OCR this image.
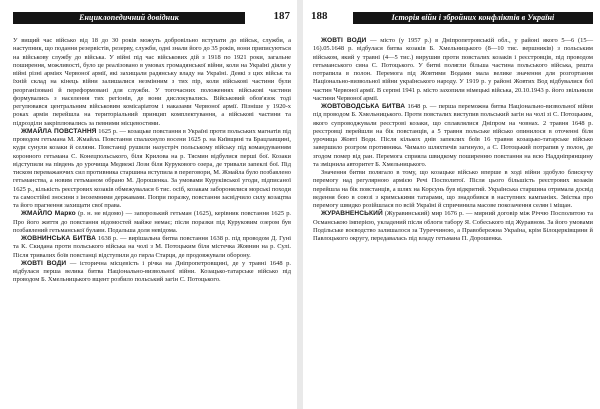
Енциклопедичний довідник	187

У вищий час військо від 18 до 30 років можуть добровільно вступати до військ, служби, а наступник, що подання резервістів, резерву, служби, одні знали його до 35 років, вони приписуються на військову службу до війська. У війні під час військових дій з 1918 по 1921 роки, загальне поширення, можливості, було це реалізовано в умовах громадянської війни, коли на Україні діяли у війні різні арміях Червоної армії, які захищали радянську владу на Україні. Деякі з цих військ та їхній склад на кінець війни залишалися незмінним з тих пір, коли військові частини були реорганізовані й переформовані для служби. У тогочасних положеннях військові частини формувались з населення тих регіонів, де вони дислокувались. Військовий обов'язок тоді регулювався центральним військовим комісаріатом і наказами Червоної армії. Пізніше у 1920-х роках армія перейшла на територіальний принцип комплектування, а військові частини та підрозділи закріплювались за певними місцевостями.

ЖМАЙЛА ПОВСТАННЯ 1625 р. — козацьке повстання в Україні проти польських магнатів під проводом гетьмана М. Жмайла. Повстання спалахнуло восени 1625 р. на Київщині та Брацлавщині, куди сунули козаки й селяни. Повстанці рушили назустріч польському війську під командуванням коронного гетьмана С. Конецпольського, біля Крилова на р. Тясмин відбулися перші бої. Козаки відступили на південь до урочища Медвежі Лози біля Курукового озера, де тривали запеклі бої. Під тиском переважаючих сил противника старшина вступила в переговори, М. Жмайла було позбавлено гетьманства, а новим гетьманом обрано М. Дорошенка. За умовами Куруківської угоди, підписаної 1625 р., кількість реєстрових козаків обмежувалася 6 тис. осіб, козакам заборонялися морські походи та самостійні зносини з іноземними державами. Попри поразку, повстання засвідчило силу козацтва та його прагнення захищати свої права.

ЖМАЙЛО Марко (р. н. не відомо) — запорозький гетьман (1625), керівник повстання 1625 р. Про його життя до повстання відомостей майже немає; після поразки під Куруковим озером був позбавлений гетьманської булави. Подальша доля невідома.

ЖОВНИНСЬКА БИТВА 1638 р. — вирішальна битва повстання 1638 р. під проводом Д. Гуні та К. Скидана проти польського війська на чолі з М. Потоцьким біля містечка Жовнин на р. Сулі. Після тривалих боїв повстанці відступили до гирла Старця, де продовжували оборону.

ЖОВТІ ВОДИ — історична місцевість і річка на Дніпропетровщині, де у травні 1648 р. відбулася перша велика битва Національно-визвольної війни. Козацько-татарське військо під проводом Б. Хмельницького вщент розбило польський загін С. Потоцького.

188	Історія війн і збройних конфліктів в Україні

ЖОВТІ ВОДИ — місто (у 1957 р.) в Дніпропетровській обл., у районі якого 5—6 (15—16).05.1648 р. відбулася битва козаків Б. Хмельницького (8—10 тис. вершників) з польським військом, який у травні (4—5 тис.) вирушив проти повсталих козаків і реєстровців, під проводом гетьманського сина С. Потоцького. У битві полягли більша частина польського війська, решта потрапила в полон. Перемога під Жовтими Водами мала велике значення для розгортання Національно-визвольної війни українського народу. У 1919 р. у районі Жовтих Вод відбувалися бої частин Червоної армії. В серпні 1941 р. місто захопили німецькі війська, 20.10.1943 р. його звільнили частини Червоної армії.

ЖОВТОВОДСЬКА БИТВА 1648 р. — перша переможна битва Національно-визвольної війни під проводом Б. Хмельницького. Проти повсталих виступив польський загін на чолі зі С. Потоцьким, якого супроводжували реєстрові козаки, що сплавлялися Дніпром на човнах. 2 травня 1648 р. реєстровці перейшли на бік повстанців, а 5 травня польське військо опинилося в оточенні біля урочища Жовті Води. Після кількох днів запеклих боїв 16 травня козацько-татарське військо завершило розгром противника. Чимало шляхтичів загинуло, а С. Потоцький потрапив у полон, де згодом помер від ран. Перемога сприяла швидкому поширенню повстання на всю Наддніпрянщину та зміцнила авторитет Б. Хмельницького.

Значення битви полягало в тому, що козацьке військо вперше в ході війни здобуло блискучу перемогу над регулярною армією Речі Посполитої. Після цього більшість реєстрових козаків перейшла на бік повстанців, а шлях на Корсунь був відкритий. Українська старшина отримала досвід ведення бою в союзі з кримськими татарами, що знадобився в наступних кампаніях. Звістка про перемогу швидко розійшлася по всій Україні й спричинила масове покозачення селян і міщан.

ЖУРАВНЕНСЬКИЙ (Журавинський) мир 1676 р. — мирний договір між Річчю Посполитою та Османською імперією, укладений після облоги табору Я. Собеського під Журавном. За його умовами Подільське воєводство залишалося за Туреччиною, а Правобережна Україна, крім Білоцерківщини й Павлоцького округу, передавалась під владу гетьмана П. Дорошенка.
